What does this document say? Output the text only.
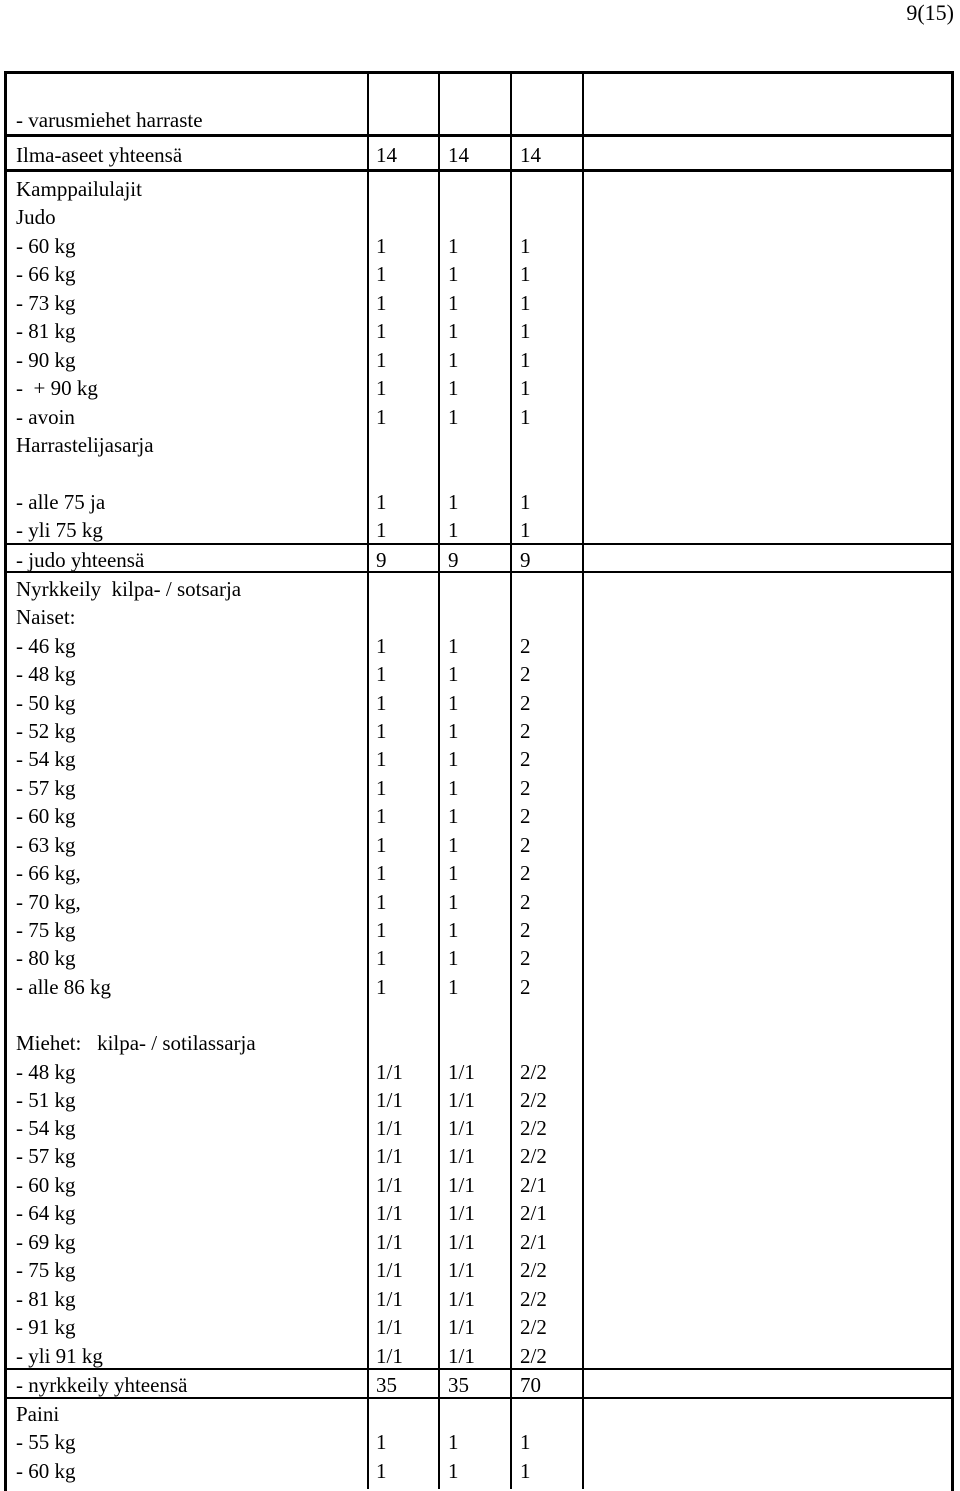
9(15)
- varusmiehet harraste
Ilma-aseet yhteensä	14 14 14
Kamppailulajit
Judo
- 60 kg	1	1	1
- 66 kg	1	1	1
- 73 kg	1	1	1
- 81 kg	1	1	1
- 90 kg	1	1	1
-  + 90 kg	1	1	1
- avoin	1	1	1
Harrastelijasarja
- alle 75 ja	1	1	1
- yli 75 kg	1	1	1
- judo yhteensä	9	9	9
Nyrkkeily  kilpa- / sotsarja
Naiset:
- 46 kg	1	1	2
- 48 kg	1	1	2
- 50 kg	1	1	2
- 52 kg	1	1	2
- 54 kg	1	1	2
- 57 kg	1	1	2
- 60 kg	1	1	2
- 63 kg	1	1	2
- 66 kg,	1	1	2
- 70 kg,	1	1	2
- 75 kg	1	1	2
- 80 kg	1	1	2
- alle 86 kg	1	1	2
Miehet:   kilpa- / sotilassarja
- 48 kg	1/1 1/1 2/2
- 51 kg	1/1 1/1 2/2
- 54 kg	1/1 1/1 2/2
- 57 kg	1/1 1/1 2/2
- 60 kg	1/1 1/1 2/1
- 64 kg	1/1 1/1 2/1
- 69 kg	1/1 1/1 2/1
- 75 kg	1/1 1/1 2/2
- 81 kg	1/1 1/1 2/2
- 91 kg	1/1 1/1 2/2
- yli 91 kg	1/1 1/1 2/2
- nyrkkeily yhteensä	35 35 70
Paini
- 55 kg	1	1	1
- 60 kg	1	1	1
